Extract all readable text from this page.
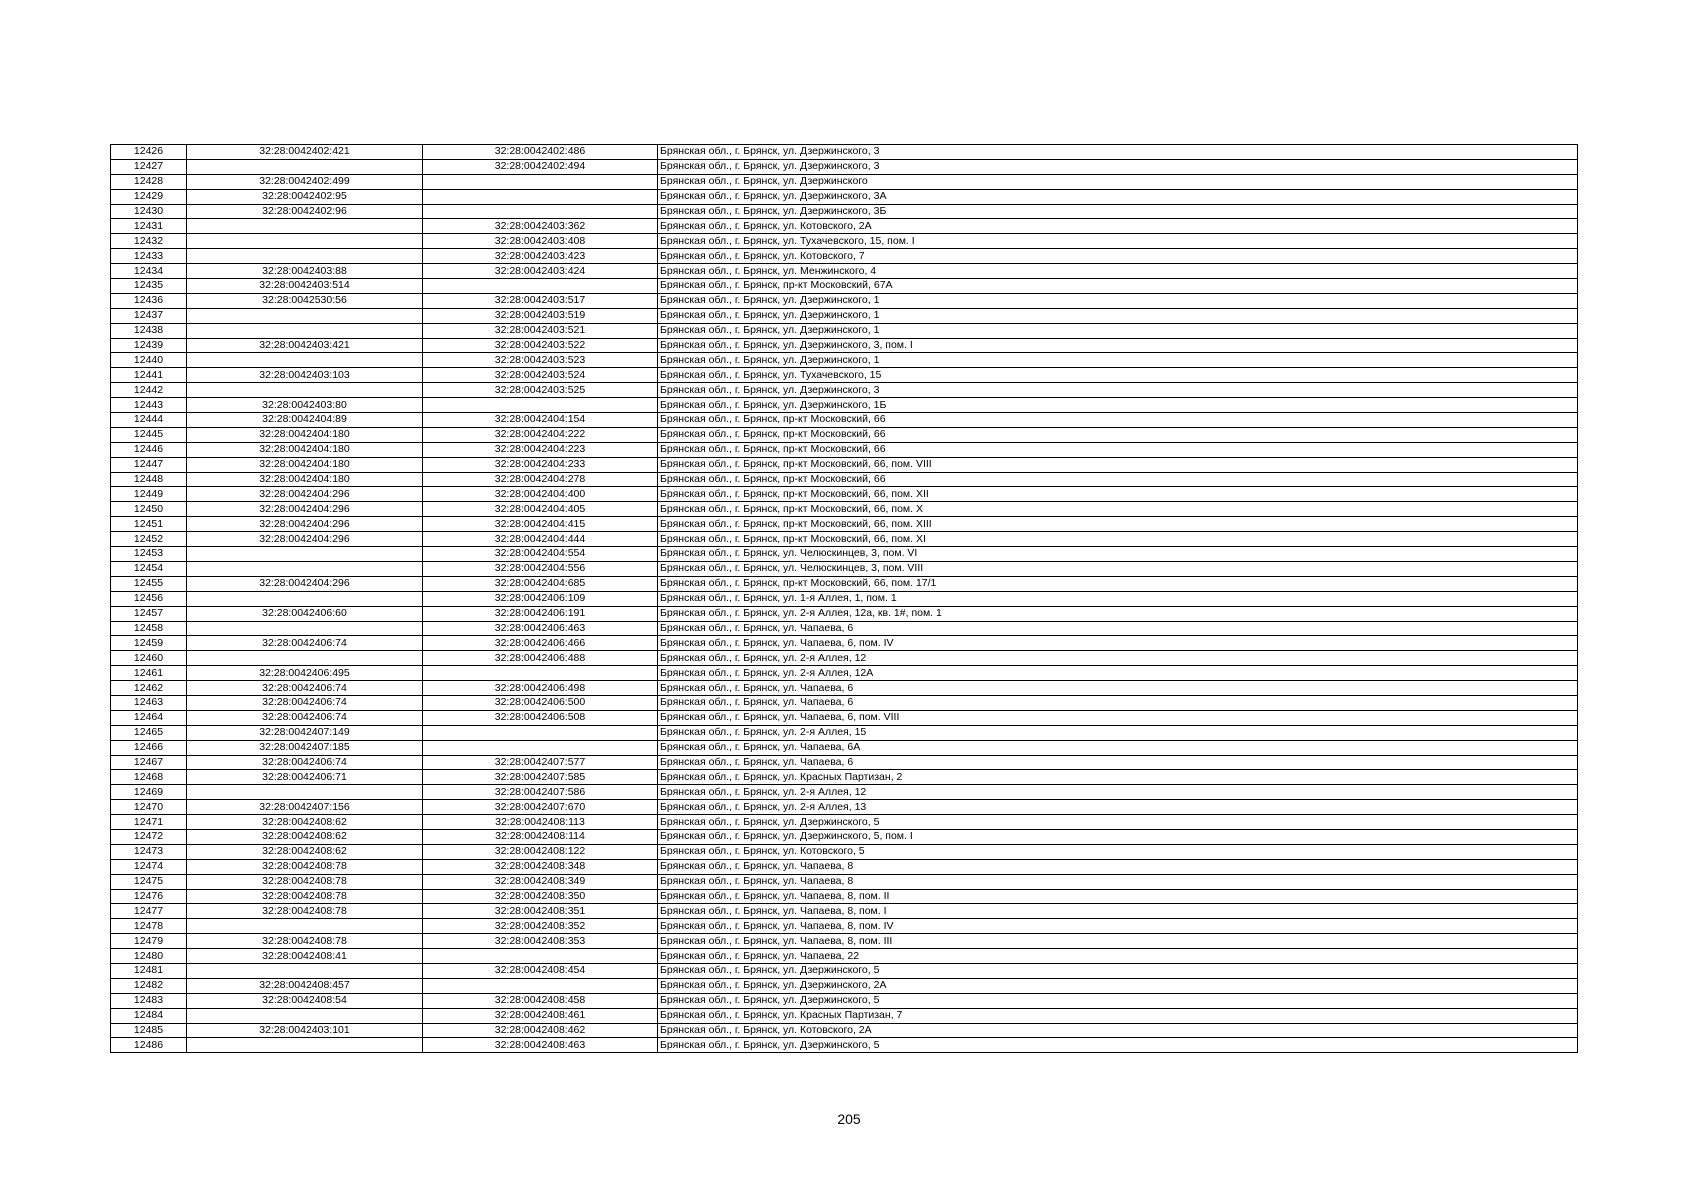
12426	32:28:0042402:421	32:28:0042402:486	Брянская обл., г. Брянск, ул. Дзержинского, 3
12427		32:28:0042402:494	Брянская обл., г. Брянск, ул. Дзержинского, 3
12428	32:28:0042402:499		Брянская обл., г. Брянск, ул. Дзержинского
12429	32:28:0042402:95		Брянская обл., г. Брянск, ул. Дзержинского, 3А
12430	32:28:0042402:96		Брянская обл., г. Брянск, ул. Дзержинского, 3Б
12431		32:28:0042403:362	Брянская обл., г. Брянск, ул. Котовского, 2А
12432		32:28:0042403:408	Брянская обл., г. Брянск, ул. Тухачевского, 15, пом. I
12433		32:28:0042403:423	Брянская обл., г. Брянск, ул. Котовского, 7
12434	32:28:0042403:88	32:28:0042403:424	Брянская обл., г. Брянск, ул. Менжинского, 4
12435	32:28:0042403:514		Брянская обл., г. Брянск, пр-кт Московский, 67А
12436	32:28:0042530:56	32:28:0042403:517	Брянская обл., г. Брянск, ул. Дзержинского, 1
12437		32:28:0042403:519	Брянская обл., г. Брянск, ул. Дзержинского, 1
12438		32:28:0042403:521	Брянская обл., г. Брянск, ул. Дзержинского, 1
12439	32:28:0042403:421	32:28:0042403:522	Брянская обл., г. Брянск, ул. Дзержинского, 3, пом. I
12440		32:28:0042403:523	Брянская обл., г. Брянск, ул. Дзержинского, 1
12441	32:28:0042403:103	32:28:0042403:524	Брянская обл., г. Брянск, ул. Тухачевского, 15
12442		32:28:0042403:525	Брянская обл., г. Брянск, ул. Дзержинского, 3
12443	32:28:0042403:80		Брянская обл., г. Брянск, ул. Дзержинского, 1Б
12444	32:28:0042404:89	32:28:0042404:154	Брянская обл., г. Брянск, пр-кт Московский, 66
12445	32:28:0042404:180	32:28:0042404:222	Брянская обл., г. Брянск, пр-кт Московский, 66
12446	32:28:0042404:180	32:28:0042404:223	Брянская обл., г. Брянск, пр-кт Московский, 66
12447	32:28:0042404:180	32:28:0042404:233	Брянская обл., г. Брянск, пр-кт Московский, 66, пом. VIII
12448	32:28:0042404:180	32:28:0042404:278	Брянская обл., г. Брянск, пр-кт Московский, 66
12449	32:28:0042404:296	32:28:0042404:400	Брянская обл., г. Брянск, пр-кт Московский, 66, пом. XII
12450	32:28:0042404:296	32:28:0042404:405	Брянская обл., г. Брянск, пр-кт Московский, 66, пом. X
12451	32:28:0042404:296	32:28:0042404:415	Брянская обл., г. Брянск, пр-кт Московский, 66, пом. XIII
12452	32:28:0042404:296	32:28:0042404:444	Брянская обл., г. Брянск, пр-кт Московский, 66, пом. XI
12453		32:28:0042404:554	Брянская обл., г. Брянск, ул. Челюскинцев, 3, пом. VI
12454		32:28:0042404:556	Брянская обл., г. Брянск, ул. Челюскинцев, 3, пом. VIII
12455	32:28:0042404:296	32:28:0042404:685	Брянская обл., г. Брянск, пр-кт Московский, 66, пом. 17/1
12456		32:28:0042406:109	Брянская обл., г. Брянск, ул. 1-я Аллея, 1, пом. 1
12457	32:28:0042406:60	32:28:0042406:191	Брянская обл., г. Брянск, ул. 2-я Аллея, 12а, кв. 1#, пом. 1
12458		32:28:0042406:463	Брянская обл., г. Брянск, ул. Чапаева, 6
12459	32:28:0042406:74	32:28:0042406:466	Брянская обл., г. Брянск, ул. Чапаева, 6, пом. IV
12460		32:28:0042406:488	Брянская обл., г. Брянск, ул. 2-я Аллея, 12
12461	32:28:0042406:495		Брянская обл., г. Брянск, ул. 2-я Аллея, 12А
12462	32:28:0042406:74	32:28:0042406:498	Брянская обл., г. Брянск, ул. Чапаева, 6
12463	32:28:0042406:74	32:28:0042406:500	Брянская обл., г. Брянск, ул. Чапаева, 6
12464	32:28:0042406:74	32:28:0042406:508	Брянская обл., г. Брянск, ул. Чапаева, 6, пом. VIII
12465	32:28:0042407:149		Брянская обл., г. Брянск, ул. 2-я Аллея, 15
12466	32:28:0042407:185		Брянская обл., г. Брянск, ул. Чапаева, 6А
12467	32:28:0042406:74	32:28:0042407:577	Брянская обл., г. Брянск, ул. Чапаева, 6
12468	32:28:0042406:71	32:28:0042407:585	Брянская обл., г. Брянск, ул. Красных Партизан, 2
12469		32:28:0042407:586	Брянская обл., г. Брянск, ул. 2-я Аллея, 12
12470	32:28:0042407:156	32:28:0042407:670	Брянская обл., г. Брянск, ул. 2-я Аллея, 13
12471	32:28:0042408:62	32:28:0042408:113	Брянская обл., г. Брянск, ул. Дзержинского, 5
12472	32:28:0042408:62	32:28:0042408:114	Брянская обл., г. Брянск, ул. Дзержинского, 5, пом. I
12473	32:28:0042408:62	32:28:0042408:122	Брянская обл., г. Брянск, ул. Котовского, 5
12474	32:28:0042408:78	32:28:0042408:348	Брянская обл., г. Брянск, ул. Чапаева, 8
12475	32:28:0042408:78	32:28:0042408:349	Брянская обл., г. Брянск, ул. Чапаева, 8
12476	32:28:0042408:78	32:28:0042408:350	Брянская обл., г. Брянск, ул. Чапаева, 8, пом. II
12477	32:28:0042408:78	32:28:0042408:351	Брянская обл., г. Брянск, ул. Чапаева, 8, пом. I
12478		32:28:0042408:352	Брянская обл., г. Брянск, ул. Чапаева, 8, пом. IV
12479	32:28:0042408:78	32:28:0042408:353	Брянская обл., г. Брянск, ул. Чапаева, 8, пом. III
12480	32:28:0042408:41		Брянская обл., г. Брянск, ул. Чапаева, 22
12481		32:28:0042408:454	Брянская обл., г. Брянск, ул. Дзержинского, 5
12482	32:28:0042408:457		Брянская обл., г. Брянск, ул. Дзержинского, 2А
12483	32:28:0042408:54	32:28:0042408:458	Брянская обл., г. Брянск, ул. Дзержинского, 5
12484		32:28:0042408:461	Брянская обл., г. Брянск, ул. Красных Партизан, 7
12485	32:28:0042403:101	32:28:0042408:462	Брянская обл., г. Брянск, ул. Котовского, 2А
12486		32:28:0042408:463	Брянская обл., г. Брянск, ул. Дзержинского, 5
205
